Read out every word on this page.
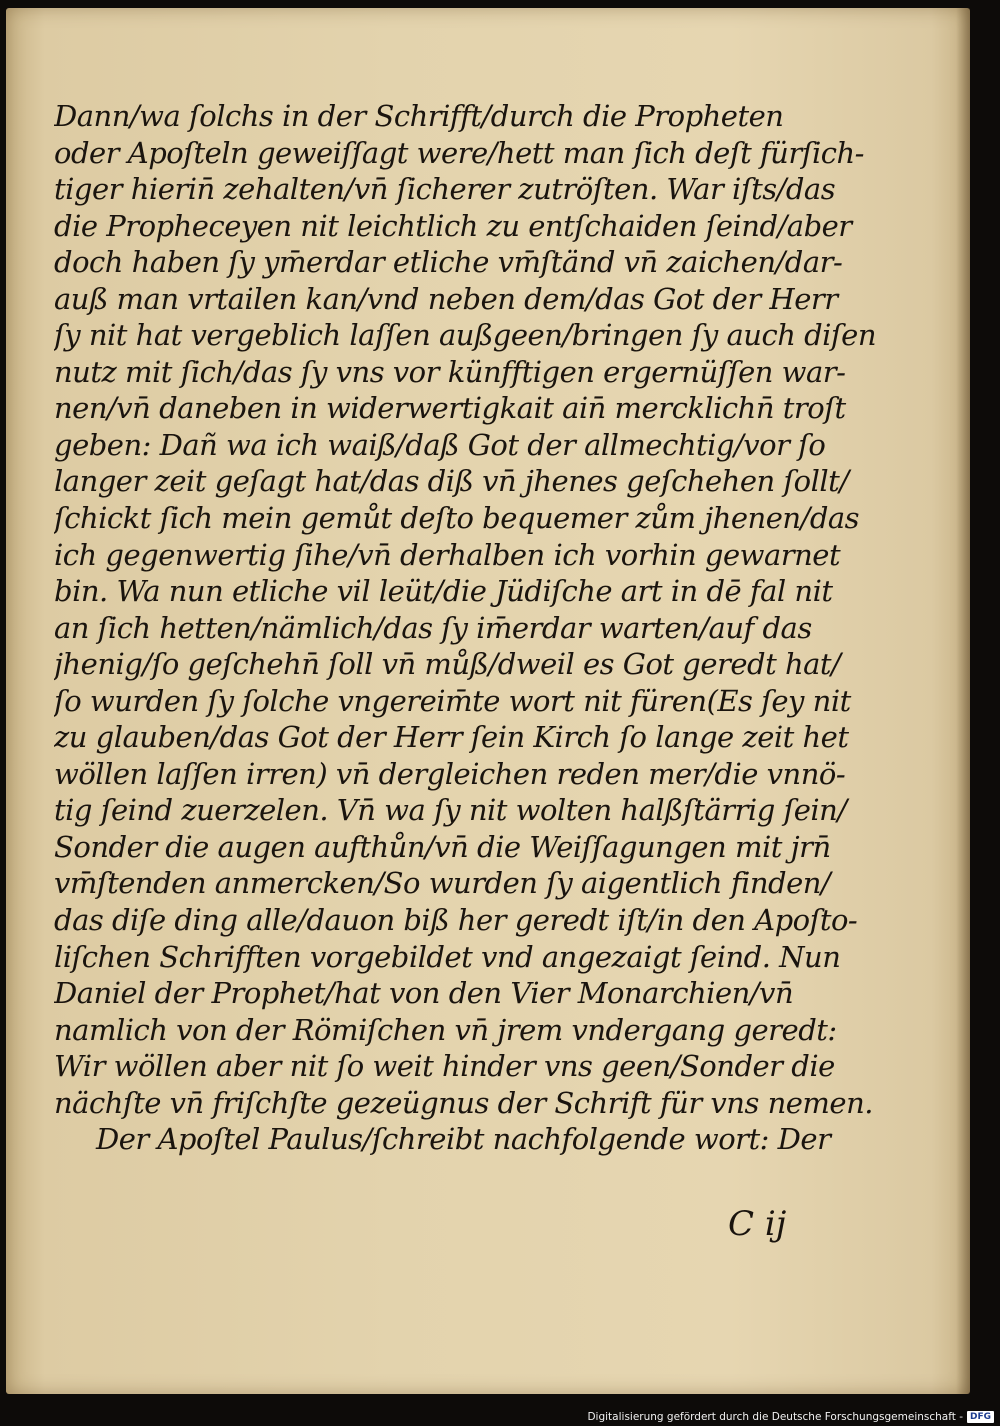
Dann/wa ſolchs in der Schrifft/durch die Propheten
oder Apoſteln geweiſſagt were/hett man ſich deſt fürſich-
tiger hierin̄ zehalten/vn̄ ſicherer zutröſten. War iſts/das
die Propheceyen nit leichtlich zu entſchaiden ſeind/aber
doch haben ſy ym̄erdar etliche vm̄ſtänd vn̄ zaichen/dar-
auß man vrtailen kan/vnd neben dem/das Got der Herr
ſy nit hat vergeblich laſſen außgeen/bringen ſy auch diſen
nutz mit ſich/das ſy vns vor künfftigen ergernüſſen war-
nen/vn̄ daneben in widerwertigkait ain̄ mercklichn̄ troſt
geben: Dañ wa ich waiß/daß Got der allmechtig/vor ſo
langer zeit geſagt hat/das diß vn̄ jhenes geſchehen ſollt/
ſchickt ſich mein gemůt deſto bequemer zům jhenen/das
ich gegenwertig ſihe/vn̄ derhalben ich vorhin gewarnet
bin. Wa nun etliche vil leüt/die Jüdiſche art in dē fal nit
an ſich hetten/nämlich/das ſy im̄erdar warten/auf das
jhenig/ſo geſchehn̄ ſoll vn̄ můß/dweil es Got geredt hat/
ſo wurden ſy ſolche vngereim̄te wort nit füren(Es ſey nit
zu glauben/das Got der Herr ſein Kirch ſo lange zeit het
wöllen laſſen irren) vn̄ dergleichen reden mer/die vnnö-
tig ſeind zuerzelen. Vn̄ wa ſy nit wolten halßſtärrig ſein/
Sonder die augen aufthůn/vn̄ die Weiſſagungen mit jrn̄
vm̄ſtenden anmercken/So wurden ſy aigentlich finden/
das diſe ding alle/dauon biß her geredt iſt/in den Apoſto-
liſchen Schrifften vorgebildet vnd angezaigt ſeind. Nun
Daniel der Prophet/hat von den Vier Monarchien/vn̄
namlich von der Römiſchen vn̄ jrem vndergang geredt:
Wir wöllen aber nit ſo weit hinder vns geen/Sonder die
nächſte vn̄ friſchſte gezeügnus der Schrift für vns nemen.
Der Apoſtel Paulus/ſchreibt nachfolgende wort: Der
C ij
Digitalisierung gefördert durch die Deutsche Forschungsgemeinschaft - DFG
